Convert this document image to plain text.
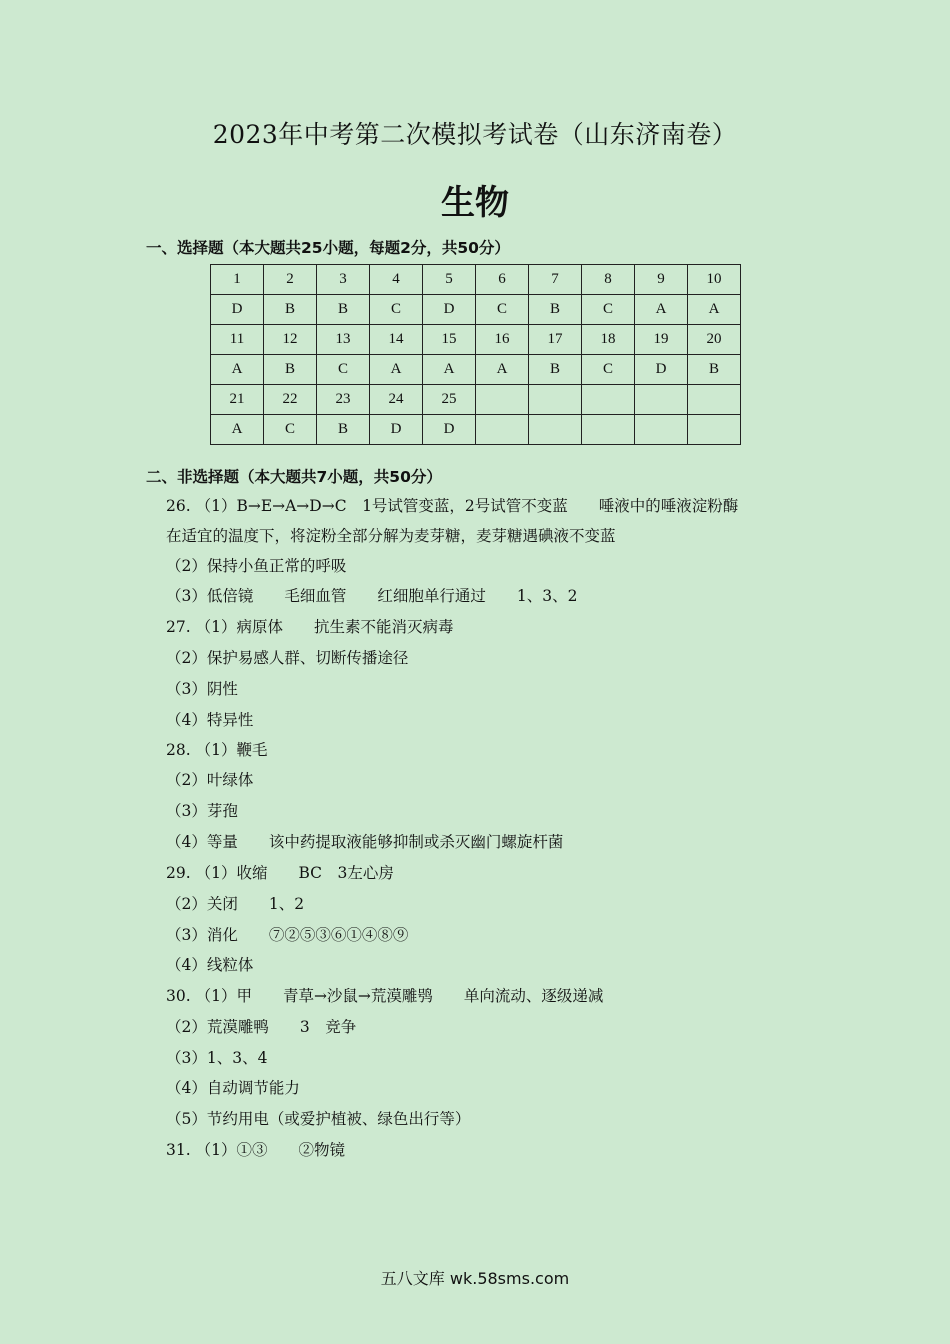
2023年中考第二次模拟考试卷（山东济南卷）
生物
一、选择题（本大题共25小题，每题2分，共50分）
1	2	3	4	5	6	7	8	9	10
D	B	B	C	D	C	B	C	A	A
11	12	13	14	15	16	17	18	19	20
A	B	C	A	A	A	B	C	D	B
21	22	23	24	25					
A	C	B	D	D					
二、非选择题（本大题共7小题，共50分）
26. （1）B→E→A→D→C　1号试管变蓝，2号试管不变蓝　　唾液中的唾液淀粉酶
在适宜的温度下，将淀粉全部分解为麦芽糖，麦芽糖遇碘液不变蓝
（2）保持小鱼正常的呼吸
（3）低倍镜　　毛细血管　　红细胞单行通过　　1、3、2
27. （1）病原体　　抗生素不能消灭病毒
（2）保护易感人群、切断传播途径
（3）阴性
（4）特异性
28. （1）鞭毛
（2）叶绿体
（3）芽孢
（4）等量　　该中药提取液能够抑制或杀灭幽门螺旋杆菌
29. （1）收缩　　BC　3左心房
（2）关闭　　1、2
（3）消化　　⑦②⑤③⑥①④⑧⑨
（4）线粒体
30. （1）甲　　青草→沙鼠→荒漠雕鸮　　单向流动、逐级递减
（2）荒漠雕鸭　　3　竞争
（3）1、3、4
（4）自动调节能力
（5）节约用电（或爱护植被、绿色出行等）
31. （1）①③　　②物镜
五八文库 wk.58sms.com
